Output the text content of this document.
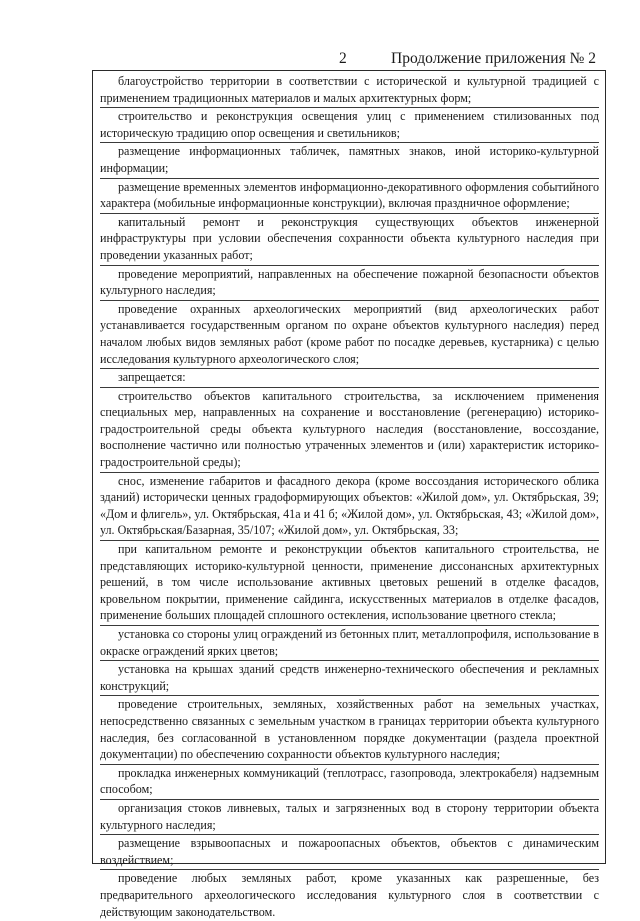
2	Продолжение приложения № 2
благоустройство территории в соответствии с исторической и культурной традицией с применением традиционных материалов и малых архитектурных форм;
строительство и реконструкция освещения улиц с применением стилизованных под историческую традицию опор освещения и светильников;
размещение информационных табличек, памятных знаков, иной историко-культурной информации;
размещение временных элементов информационно-декоративного оформления событийного характера (мобильные информационные конструкции), включая праздничное оформление;
капитальный ремонт и реконструкция существующих объектов инженерной инфраструктуры при условии обеспечения сохранности объекта культурного наследия при проведении указанных работ;
проведение мероприятий, направленных на обеспечение пожарной безопасности объектов культурного наследия;
проведение охранных археологических мероприятий (вид археологических работ устанавливается государственным органом по охране объектов культурного наследия) перед началом любых видов земляных работ (кроме работ по посадке деревьев, кустарника) с целью исследования культурного археологического слоя;
запрещается:
строительство объектов капитального строительства, за исключением применения специальных мер, направленных на сохранение и восстановление (регенерацию) историко-градостроительной среды объекта культурного наследия (восстановление, воссоздание, восполнение частично или полностью утраченных элементов и (или) характеристик историко-градостроительной среды);
снос, изменение габаритов и фасадного декора (кроме воссоздания исторического облика зданий) исторически ценных градоформирующих объектов: «Жилой дом», ул. Октябрьская, 39; «Дом и флигель», ул. Октябрьская, 41а и 41 б; «Жилой дом», ул. Октябрьская, 43; «Жилой дом», ул. Октябрьская/Базарная, 35/107; «Жилой дом», ул. Октябрьская, 33;
при капитальном ремонте и реконструкции объектов капитального строительства, не представляющих историко-культурной ценности, применение диссонансных архитектурных решений, в том числе использование активных цветовых решений в отделке фасадов, кровельном покрытии, применение сайдинга, искусственных материалов в отделке фасадов, применение больших площадей сплошного остекления, использование цветного стекла;
установка со стороны улиц ограждений из бетонных плит, металлопрофиля, использование в окраске ограждений ярких цветов;
установка на крышах зданий средств инженерно-технического обеспечения и рекламных конструкций;
проведение строительных, земляных, хозяйственных работ на земельных участках, непосредственно связанных с земельным участком в границах территории объекта культурного наследия, без согласованной в установленном порядке документации (раздела проектной документации) по обеспечению сохранности объектов культурного наследия;
прокладка инженерных коммуникаций (теплотрасс, газопровода, электрокабеля) надземным способом;
организация стоков ливневых, талых и загрязненных вод в сторону территории объекта культурного наследия;
размещение взрывоопасных и пожароопасных объектов, объектов с динамическим воздействием;
проведение любых земляных работ, кроме указанных как разрешенные, без предварительного археологического исследования культурного слоя в соответствии с действующим законодательством.
